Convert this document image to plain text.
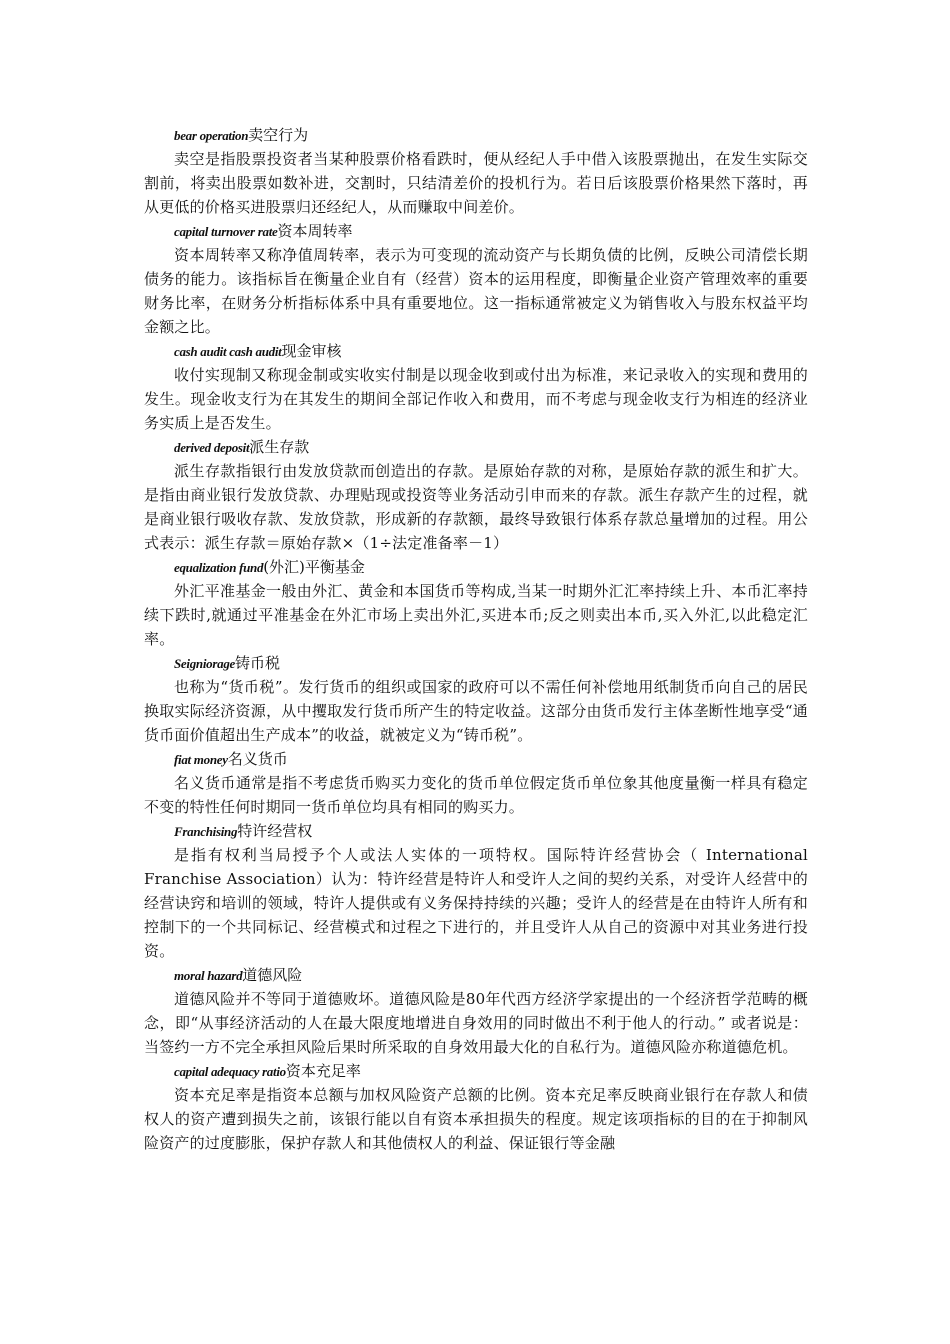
bear operation卖空行为

卖空是指股票投资者当某种股票价格看跌时，便从经纪人手中借入该股票抛出，在发生实际交割前，将卖出股票如数补进，交割时，只结清差价的投机行为。若日后该股票价格果然下落时，再从更低的价格买进股票归还经纪人，从而赚取中间差价。

capital turnover rate资本周转率

资本周转率又称净值周转率，表示为可变现的流动资产与长期负债的比例，反映公司清偿长期债务的能力。该指标旨在衡量企业自有（经营）资本的运用程度，即衡量企业资产管理效率的重要财务比率，在财务分析指标体系中具有重要地位。这一指标通常被定义为销售收入与股东权益平均金额之比。

cash audit cash audit现金审核

收付实现制又称现金制或实收实付制是以现金收到或付出为标准，来记录收入的实现和费用的发生。现金收支行为在其发生的期间全部记作收入和费用，而不考虑与现金收支行为相连的经济业务实质上是否发生。

derived deposit派生存款

派生存款指银行由发放贷款而创造出的存款。是原始存款的对称，是原始存款的派生和扩大。是指由商业银行发放贷款、办理贴现或投资等业务活动引申而来的存款。派生存款产生的过程，就是商业银行吸收存款、发放贷款，形成新的存款额，最终导致银行体系存款总量增加的过程。用公式表示：派生存款＝原始存款×（1÷法定准备率－1）

equalization fund(外汇)平衡基金

外汇平准基金一般由外汇、黄金和本国货币等构成,当某一时期外汇汇率持续上升、本币汇率持续下跌时,就通过平准基金在外汇市场上卖出外汇,买进本币;反之则卖出本币,买入外汇,以此稳定汇率。

Seigniorage铸币税

也称为“货币税”。发行货币的组织或国家的政府可以不需任何补偿地用纸制货币向自己的居民换取实际经济资源，从中攫取发行货币所产生的特定收益。这部分由货币发行主体垄断性地享受“通货币面价值超出生产成本”的收益，就被定义为“铸币税”。

fiat money名义货币

名义货币通常是指不考虑货币购买力变化的货币单位假定货币单位象其他度量衡一样具有稳定不变的特性任何时期同一货币单位均具有相同的购买力。

Franchising特许经营权

是指有权利当局授予个人或法人实体的一项特权。国际特许经营协会（ International Franchise Association）认为：特许经营是特许人和受许人之间的契约关系，对受许人经营中的经营诀窍和培训的领域，特许人提供或有义务保持持续的兴趣；受许人的经营是在由特许人所有和控制下的一个共同标记、经营模式和过程之下进行的，并且受许人从自己的资源中对其业务进行投资。

moral hazard道德风险

道德风险并不等同于道德败坏。道德风险是80年代西方经济学家提出的一个经济哲学范畴的概念，即“从事经济活动的人在最大限度地增进自身效用的同时做出不利于他人的行动。” 或者说是：当签约一方不完全承担风险后果时所采取的自身效用最大化的自私行为。道德风险亦称道德危机。

capital adequacy ratio资本充足率

资本充足率是指资本总额与加权风险资产总额的比例。资本充足率反映商业银行在存款人和债权人的资产遭到损失之前，该银行能以自有资本承担损失的程度。规定该项指标的目的在于抑制风险资产的过度膨胀，保护存款人和其他债权人的利益、保证银行等金融
